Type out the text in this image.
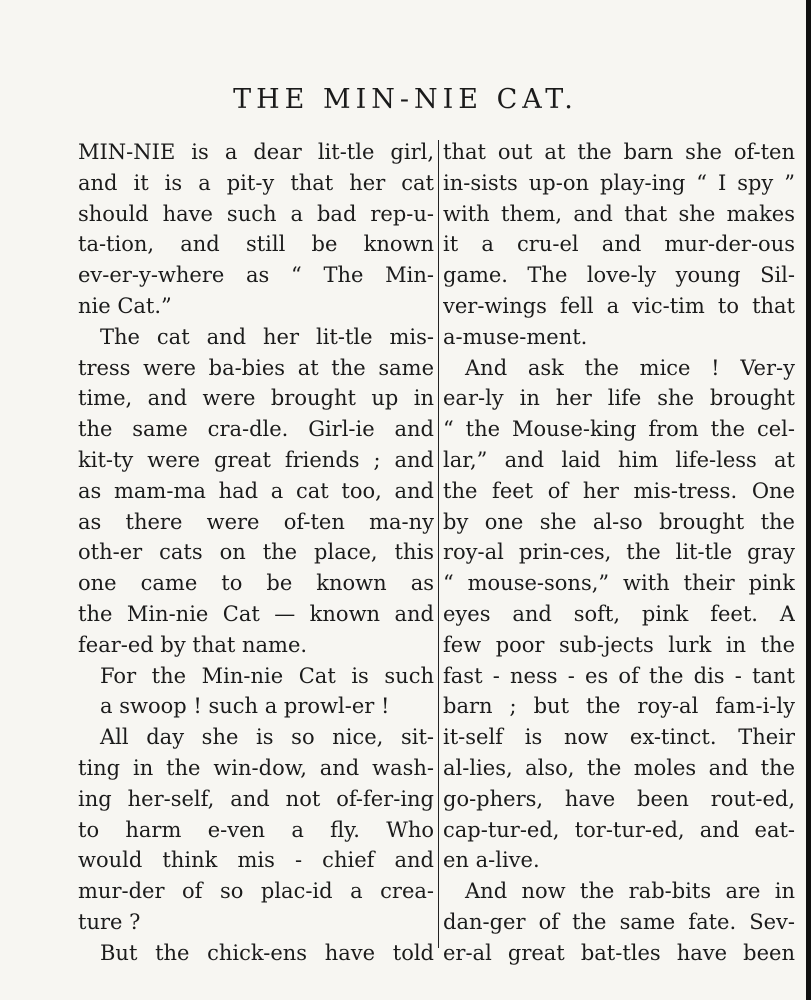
THE MIN-NIE CAT.
MIN-NIE is a dear lit-tle girl,
and it is a pit-y that her cat
should have such a bad rep-u-
ta-tion, and still be known
ev-er-y-where as “ The Min-
nie Cat.”
The cat and her lit-tle mis-
tress were ba-bies at the same
time, and were brought up in
the same cra-dle. Girl-ie and
kit-ty were great friends ; and
as mam-ma had a cat too, and
as there were of-ten ma-ny
oth-er cats on the place, this
one came to be known as
the Min-nie Cat — known and
fear-ed by that name.
For the Min-nie Cat is such
a swoop ! such a prowl-er !
All day she is so nice, sit-
ting in the win-dow, and wash-
ing her-self, and not of-fer-ing
to harm e-ven a fly. Who
would think mis - chief and
mur-der of so plac-id a crea-
ture ?
But the chick-ens have told
that out at the barn she of-ten
in-sists up-on play-ing “ I spy ”
with them, and that she makes
it a cru-el and mur-der-ous
game. The love-ly young Sil-
ver-wings fell a vic-tim to that
a-muse-ment.
And ask the mice ! Ver-y
ear-ly in her life she brought
“ the Mouse-king from the cel-
lar,” and laid him life-less at
the feet of her mis-tress. One
by one she al-so brought the
roy-al prin-ces, the lit-tle gray
“ mouse-sons,” with their pink
eyes and soft, pink feet. A
few poor sub-jects lurk in the
fast - ness - es of the dis - tant
barn ; but the roy-al fam-i-ly
it-self is now ex-tinct. Their
al-lies, also, the moles and the
go-phers, have been rout-ed,
cap-tur-ed, tor-tur-ed, and eat-
en a-live.
And now the rab-bits are in
dan-ger of the same fate. Sev-
er-al great bat-tles have been
